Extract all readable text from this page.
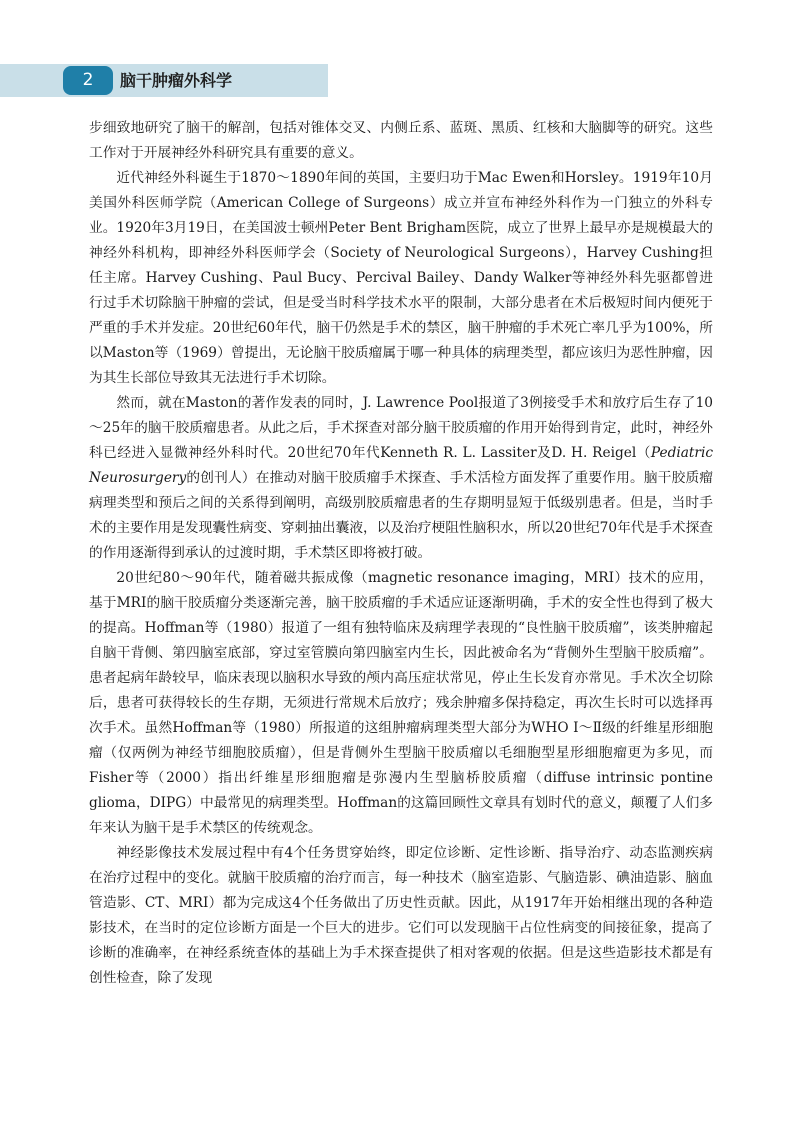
2	脑干肿瘤外科学

步细致地研究了脑干的解剖，包括对锥体交叉、内侧丘系、蓝斑、黑质、红核和大脑脚等的研究。这些工作对于开展神经外科研究具有重要的意义。

近代神经外科诞生于1870～1890年间的英国，主要归功于Mac Ewen和Horsley。1919年10月美国外科医师学院（American College of Surgeons）成立并宣布神经外科作为一门独立的外科专业。1920年3月19日，在美国波士顿州Peter Bent Brigham医院，成立了世界上最早亦是规模最大的神经外科机构，即神经外科医师学会（Society of Neurological Surgeons），Harvey Cushing担任主席。Harvey Cushing、Paul Bucy、Percival Bailey、Dandy Walker等神经外科先驱都曾进行过手术切除脑干肿瘤的尝试，但是受当时科学技术水平的限制，大部分患者在术后极短时间内便死于严重的手术并发症。20世纪60年代，脑干仍然是手术的禁区，脑干肿瘤的手术死亡率几乎为100%，所以Maston等（1969）曾提出，无论脑干胶质瘤属于哪一种具体的病理类型，都应该归为恶性肿瘤，因为其生长部位导致其无法进行手术切除。

然而，就在Maston的著作发表的同时，J. Lawrence Pool报道了3例接受手术和放疗后生存了10～25年的脑干胶质瘤患者。从此之后，手术探查对部分脑干胶质瘤的作用开始得到肯定，此时，神经外科已经进入显微神经外科时代。20世纪70年代Kenneth R. L. Lassiter及D. H. Reigel（Pediatric Neurosurgery的创刊人）在推动对脑干胶质瘤手术探查、手术活检方面发挥了重要作用。脑干胶质瘤病理类型和预后之间的关系得到阐明，高级别胶质瘤患者的生存期明显短于低级别患者。但是，当时手术的主要作用是发现囊性病变、穿刺抽出囊液，以及治疗梗阻性脑积水，所以20世纪70年代是手术探查的作用逐渐得到承认的过渡时期，手术禁区即将被打破。

20世纪80～90年代，随着磁共振成像（magnetic resonance imaging，MRI）技术的应用，基于MRI的脑干胶质瘤分类逐渐完善，脑干胶质瘤的手术适应证逐渐明确，手术的安全性也得到了极大的提高。Hoffman等（1980）报道了一组有独特临床及病理学表现的“良性脑干胶质瘤”，该类肿瘤起自脑干背侧、第四脑室底部，穿过室管膜向第四脑室内生长，因此被命名为“背侧外生型脑干胶质瘤”。患者起病年龄较早，临床表现以脑积水导致的颅内高压症状常见，停止生长发育亦常见。手术次全切除后，患者可获得较长的生存期，无须进行常规术后放疗；残余肿瘤多保持稳定，再次生长时可以选择再次手术。虽然Hoffman等（1980）所报道的这组肿瘤病理类型大部分为WHO Ⅰ～Ⅱ级的纤维星形细胞瘤（仅两例为神经节细胞胶质瘤），但是背侧外生型脑干胶质瘤以毛细胞型星形细胞瘤更为多见，而Fisher等（2000）指出纤维星形细胞瘤是弥漫内生型脑桥胶质瘤（diffuse intrinsic pontine glioma，DIPG）中最常见的病理类型。Hoffman的这篇回顾性文章具有划时代的意义，颠覆了人们多年来认为脑干是手术禁区的传统观念。

神经影像技术发展过程中有4个任务贯穿始终，即定位诊断、定性诊断、指导治疗、动态监测疾病在治疗过程中的变化。就脑干胶质瘤的治疗而言，每一种技术（脑室造影、气脑造影、碘油造影、脑血管造影、CT、MRI）都为完成这4个任务做出了历史性贡献。因此，从1917年开始相继出现的各种造影技术，在当时的定位诊断方面是一个巨大的进步。它们可以发现脑干占位性病变的间接征象，提高了诊断的准确率，在神经系统查体的基础上为手术探查提供了相对客观的依据。但是这些造影技术都是有创性检查，除了发现
